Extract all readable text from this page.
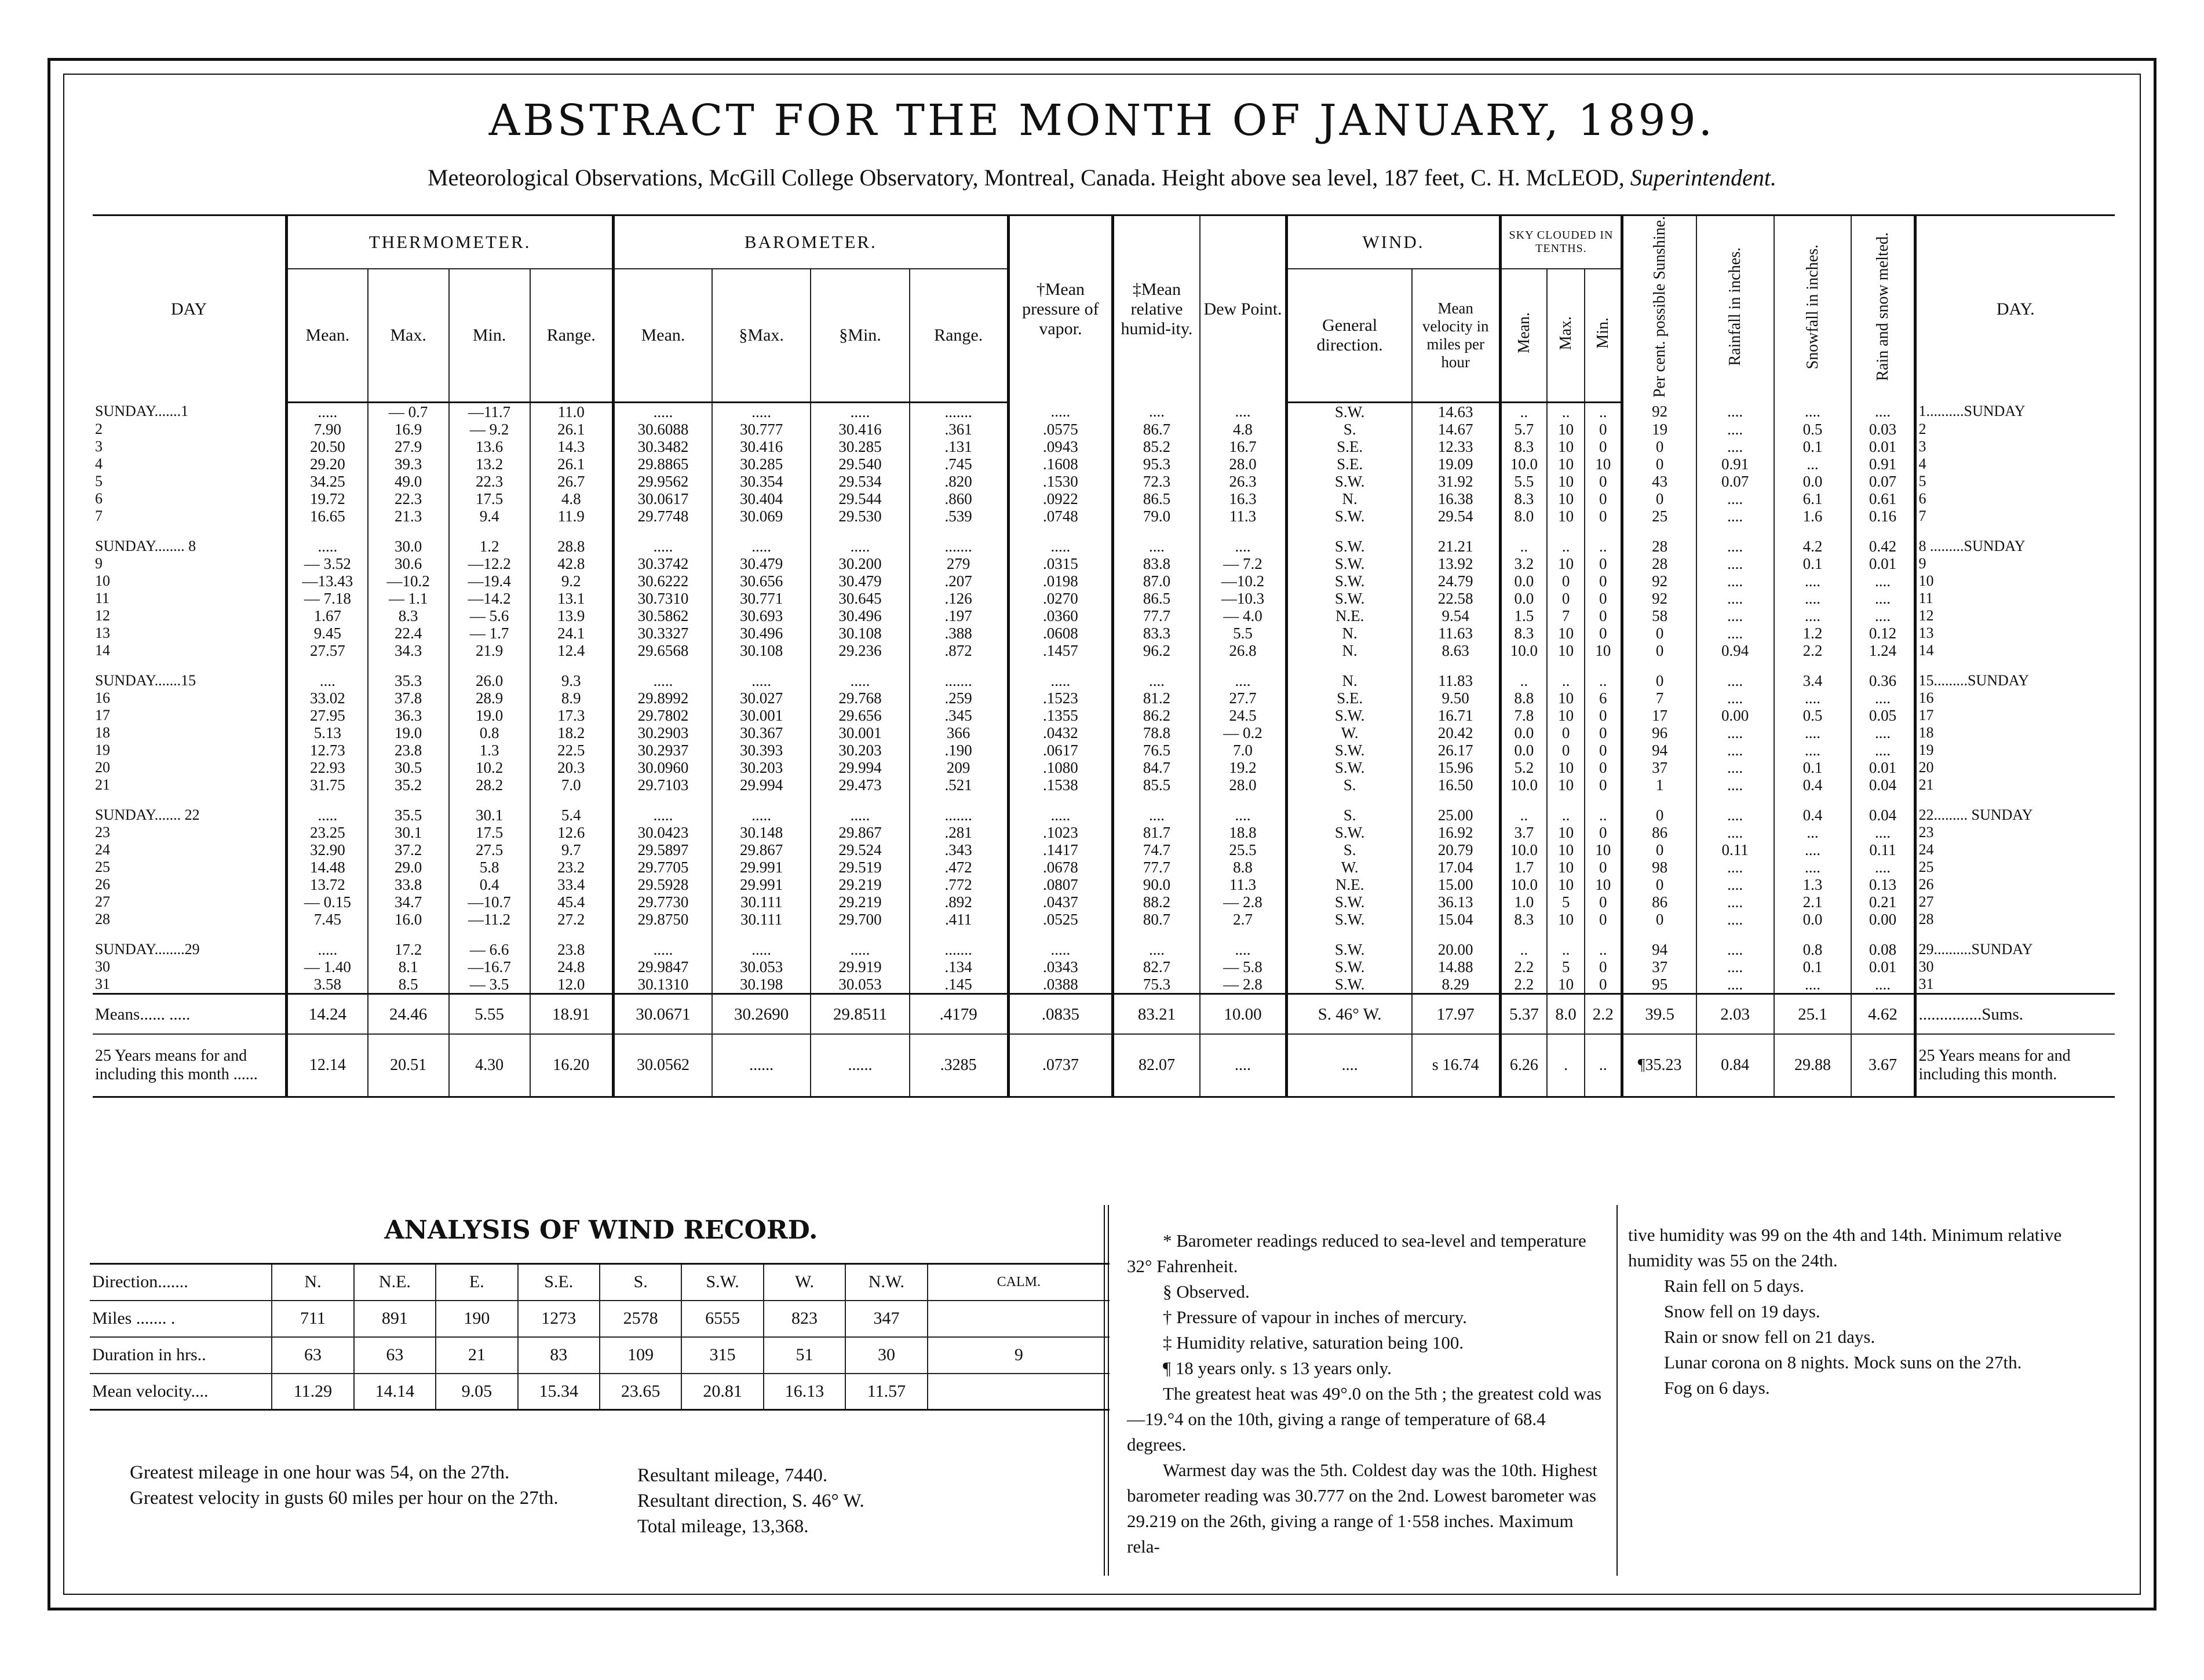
ABSTRACT FOR THE MONTH OF JANUARY, 1899.
Meteorological Observations, McGill College Observatory, Montreal, Canada. Height above sea level, 187 feet, C. H. McLEOD, Superintendent.
DAY	THERMOMETER.				BAROMETER.				†Mean pressure of vapor.	‡Mean relative humid-ity.	Dew Point.	WIND.		SKY CLOUDED IN TENTHS.			Per cent. possible Sunshine.	Rainfall in inches.	Snowfall in inches.	Rain and snow melted.	DAY.
	Mean.	Max.	Min.	Range.	Mean.	§Max.	§Min.	Range.				General direction.	Mean velocity in miles per hour	Mean.	Max.	Min.					
SUNDAY.......1	.....	— 0.7	—11.7	11.0	.....	.....	.....	.......	.....	....	....	S.W.	14.63	..	..	..	92	....	....	....	1..........SUNDAY
2	7.90	16.9	— 9.2	26.1	30.6088	30.777	30.416	.361	.0575	86.7	4.8	S.	14.67	5.7	10	0	19	....	0.5	0.03	2
3	20.50	27.9	13.6	14.3	30.3482	30.416	30.285	.131	.0943	85.2	16.7	S.E.	12.33	8.3	10	0	0	....	0.1	0.01	3
4	29.20	39.3	13.2	26.1	29.8865	30.285	29.540	.745	.1608	95.3	28.0	S.E.	19.09	10.0	10	10	0	0.91	...	0.91	4
5	34.25	49.0	22.3	26.7	29.9562	30.354	29.534	.820	.1530	72.3	26.3	S.W.	31.92	5.5	10	0	43	0.07	0.0	0.07	5
6	19.72	22.3	17.5	4.8	30.0617	30.404	29.544	.860	.0922	86.5	16.3	N.	16.38	8.3	10	0	0	....	6.1	0.61	6
7	16.65	21.3	9.4	11.9	29.7748	30.069	29.530	.539	.0748	79.0	11.3	S.W.	29.54	8.0	10	0	25	....	1.6	0.16	7

SUNDAY........ 8	.....	30.0	1.2	28.8	.....	.....	.....	.......	.....	....	....	S.W.	21.21	..	..	..	28	....	4.2	0.42	8 .........SUNDAY
9	— 3.52	30.6	—12.2	42.8	30.3742	30.479	30.200	279	.0315	83.8	— 7.2	S.W.	13.92	3.2	10	0	28	....	0.1	0.01	9
10	—13.43	—10.2	—19.4	9.2	30.6222	30.656	30.479	.207	.0198	87.0	—10.2	S.W.	24.79	0.0	0	0	92	....	....	....	10
11	— 7.18	— 1.1	—14.2	13.1	30.7310	30.771	30.645	.126	.0270	86.5	—10.3	S.W.	22.58	0.0	0	0	92	....	....	....	11
12	1.67	8.3	— 5.6	13.9	30.5862	30.693	30.496	.197	.0360	77.7	— 4.0	N.E.	9.54	1.5	7	0	58	....	....	....	12
13	9.45	22.4	— 1.7	24.1	30.3327	30.496	30.108	.388	.0608	83.3	5.5	N.	11.63	8.3	10	0	0	....	1.2	0.12	13
14	27.57	34.3	21.9	12.4	29.6568	30.108	29.236	.872	.1457	96.2	26.8	N.	8.63	10.0	10	10	0	0.94	2.2	1.24	14

SUNDAY.......15	....	35.3	26.0	9.3	.....	.....	.....	.......	.....	....	....	N.	11.83	..	..	..	0	....	3.4	0.36	15.........SUNDAY
16	33.02	37.8	28.9	8.9	29.8992	30.027	29.768	.259	.1523	81.2	27.7	S.E.	9.50	8.8	10	6	7	....	....	....	16
17	27.95	36.3	19.0	17.3	29.7802	30.001	29.656	.345	.1355	86.2	24.5	S.W.	16.71	7.8	10	0	17	0.00	0.5	0.05	17
18	5.13	19.0	0.8	18.2	30.2903	30.367	30.001	366	.0432	78.8	— 0.2	W.	20.42	0.0	0	0	96	....	....	....	18
19	12.73	23.8	1.3	22.5	30.2937	30.393	30.203	.190	.0617	76.5	7.0	S.W.	26.17	0.0	0	0	94	....	....	....	19
20	22.93	30.5	10.2	20.3	30.0960	30.203	29.994	209	.1080	84.7	19.2	S.W.	15.96	5.2	10	0	37	....	0.1	0.01	20
21	31.75	35.2	28.2	7.0	29.7103	29.994	29.473	.521	.1538	85.5	28.0	S.	16.50	10.0	10	0	1	....	0.4	0.04	21

SUNDAY....... 22	.....	35.5	30.1	5.4	.....	.....	.....	.......	.....	....	....	S.	25.00	..	..	..	0	....	0.4	0.04	22......... SUNDAY
23	23.25	30.1	17.5	12.6	30.0423	30.148	29.867	.281	.1023	81.7	18.8	S.W.	16.92	3.7	10	0	86	....	...	....	23
24	32.90	37.2	27.5	9.7	29.5897	29.867	29.524	.343	.1417	74.7	25.5	S.	20.79	10.0	10	10	0	0.11	....	0.11	24
25	14.48	29.0	5.8	23.2	29.7705	29.991	29.519	.472	.0678	77.7	8.8	W.	17.04	1.7	10	0	98	....	....	....	25
26	13.72	33.8	0.4	33.4	29.5928	29.991	29.219	.772	.0807	90.0	11.3	N.E.	15.00	10.0	10	10	0	....	1.3	0.13	26
27	— 0.15	34.7	—10.7	45.4	29.7730	30.111	29.219	.892	.0437	88.2	— 2.8	S.W.	36.13	1.0	5	0	86	....	2.1	0.21	27
28	7.45	16.0	—11.2	27.2	29.8750	30.111	29.700	.411	.0525	80.7	2.7	S.W.	15.04	8.3	10	0	0	....	0.0	0.00	28

SUNDAY........29	.....	17.2	— 6.6	23.8	.....	.....	.....	.......	.....	....	....	S.W.	20.00	..	..	..	94	....	0.8	0.08	29..........SUNDAY
30	— 1.40	8.1	—16.7	24.8	29.9847	30.053	29.919	.134	.0343	82.7	— 5.8	S.W.	14.88	2.2	5	0	37	....	0.1	0.01	30
31	3.58	8.5	— 3.5	12.0	30.1310	30.198	30.053	.145	.0388	75.3	— 2.8	S.W.	8.29	2.2	10	0	95	....	....	....	31
Means...... .....	14.24	24.46	5.55	18.91	30.0671	30.2690	29.8511	.4179	.0835	83.21	10.00	S. 46° W.	17.97	5.37	8.0	2.2	39.5	2.03	25.1	4.62	...............Sums.
25 Years means for and including this month ......	12.14	20.51	4.30	16.20	30.0562	......	......	.3285	.0737	82.07	....	....	s 16.74	6.26	.	..	¶35.23	0.84	29.88	3.67	25 Years means for and including this month.
ANALYSIS OF WIND RECORD.
Direction.......	N.	N.E.	E.	S.E.	S.	S.W.	W.	N.W.	CALM.
Miles ....... .	711	891	190	1273	2578	6555	823	347	
Duration in hrs..	63	63	21	83	109	315	51	30	9
Mean velocity....	11.29	14.14	9.05	15.34	23.65	20.81	16.13	11.57	

Greatest mileage in one hour was 54, on the 27th.

Greatest velocity in gusts 60 miles per hour on the 27th.

Resultant mileage, 7440.

Resultant direction, S. 46° W.

Total mileage, 13,368.

* Barometer readings reduced to sea-level and temperature 32° Fahrenheit.

§ Observed.

† Pressure of vapour in inches of mercury.

‡ Humidity relative, saturation being 100.

¶ 18 years only. s 13 years only.

The greatest heat was 49°.0 on the 5th ; the greatest cold was —19.°4 on the 10th, giving a range of temperature of 68.4 degrees.

Warmest day was the 5th. Coldest day was the 10th. Highest barometer reading was 30.777 on the 2nd. Lowest barometer was 29.219 on the 26th, giving a range of 1·558 inches. Maximum rela-

tive humidity was 99 on the 4th and 14th. Minimum relative humidity was 55 on the 24th.

Rain fell on 5 days.

Snow fell on 19 days.

Rain or snow fell on 21 days.

Lunar corona on 8 nights. Mock suns on the 27th.

Fog on 6 days.
